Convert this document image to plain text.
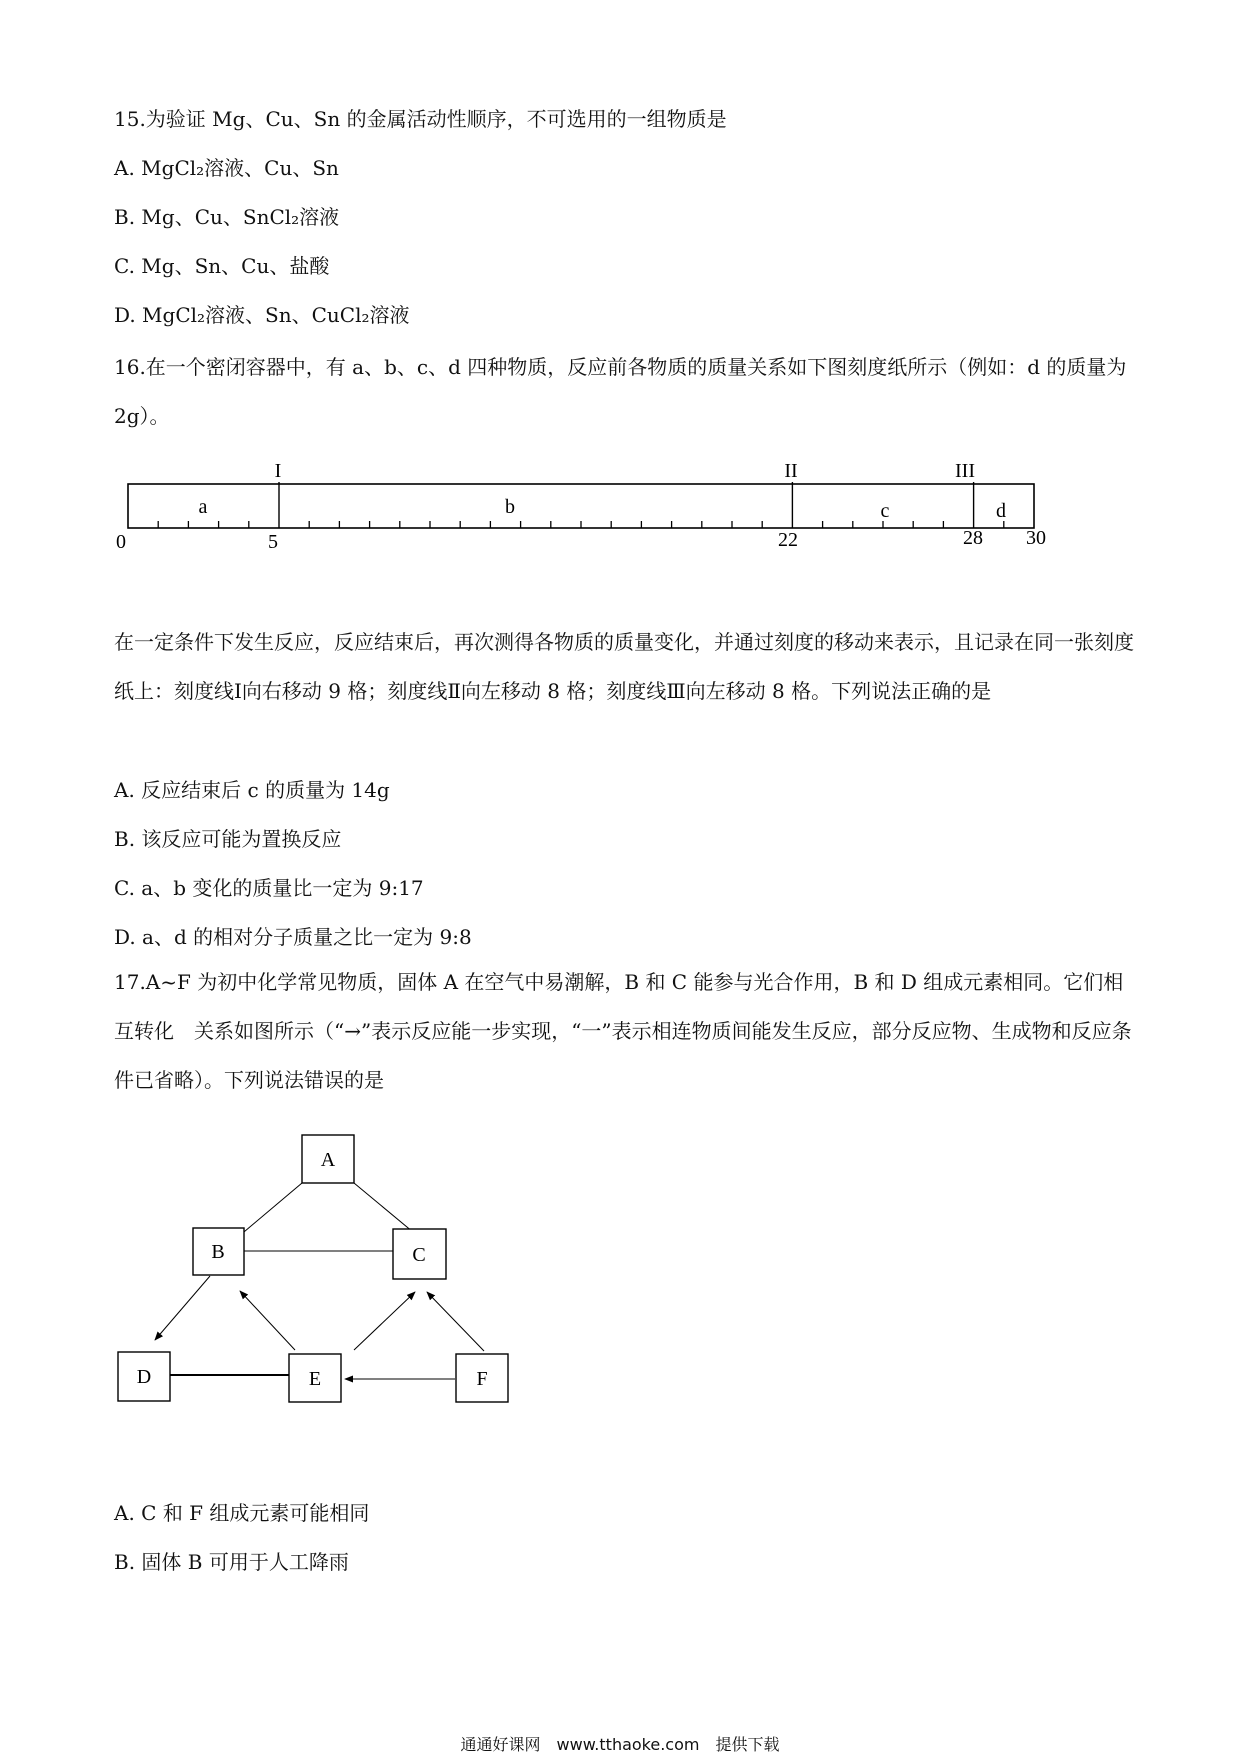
15.为验证 Mg、Cu、Sn 的金属活动性顺序，不可选用的一组物质是
A. MgCl₂溶液、Cu、Sn
B. Mg、Cu、SnCl₂溶液
C. Mg、Sn、Cu、盐酸
D. MgCl₂溶液、Sn、CuCl₂溶液
16.在一个密闭容器中，有 a、b、c、d 四种物质，反应前各物质的质量关系如下图刻度纸所示（例如：d 的质量为 2g）。
I	II	III
a	b	c	d
0	5	22	28 30
在一定条件下发生反应，反应结束后，再次测得各物质的质量变化，并通过刻度的移动来表示，且记录在同一张刻度纸上：刻度线Ⅰ向右移动 9 格；刻度线Ⅱ向左移动 8 格；刻度线Ⅲ向左移动 8 格。下列说法正确的是
A. 反应结束后 c 的质量为 14g
B. 该反应可能为置换反应
C. a、b 变化的质量比一定为 9:17
D. a、d 的相对分子质量之比一定为 9:8
17.A~F 为初中化学常见物质，固体 A 在空气中易潮解，B 和 C 能参与光合作用，B 和 D 组成元素相同。它们相互转化　关系如图所示（“→”表示反应能一步实现，“一”表示相连物质间能发生反应，部分反应物、生成物和反应条件已省略）。下列说法错误的是
A
B	C
D	E	F
A. C 和 F 组成元素可能相同
B. 固体 B 可用于人工降雨
通通好课网　www.tthaoke.com　提供下载
